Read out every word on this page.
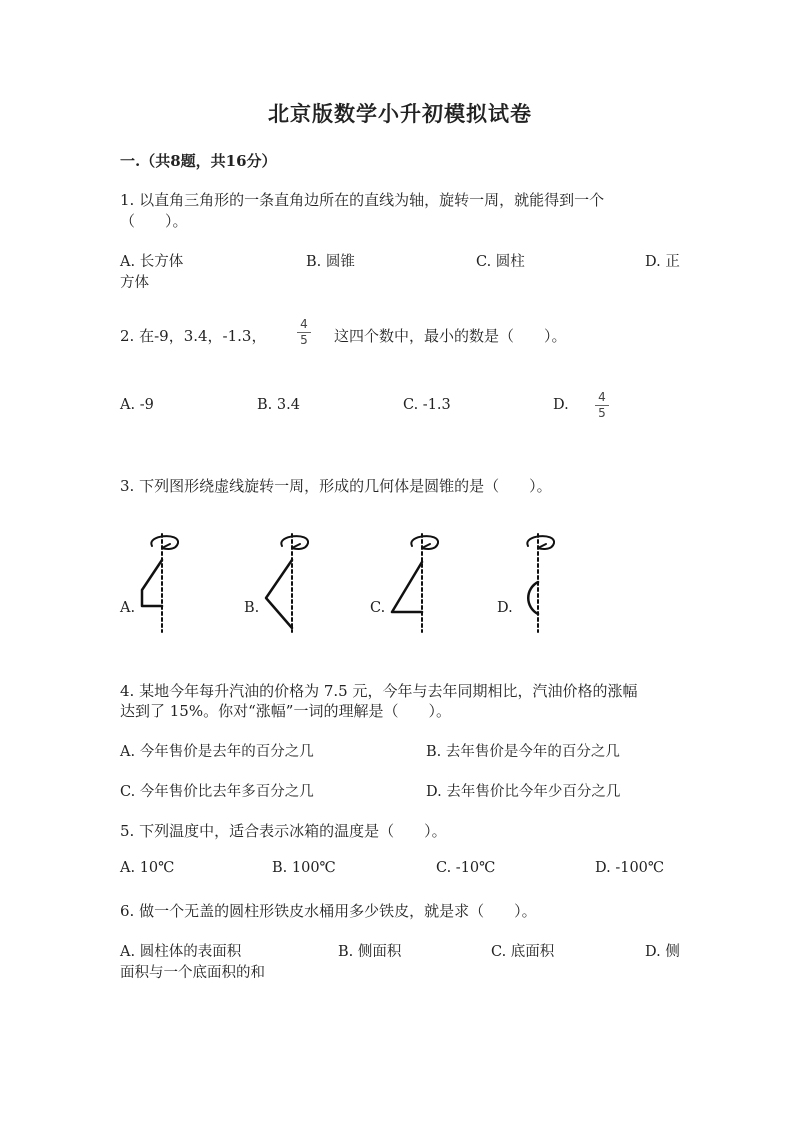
北京版数学小升初模拟试卷
一.（共8题，共16分）
1. 以直角三角形的一条直角边所在的直线为轴，旋转一周，就能得到一个
（　　）。
A. 长方体	B. 圆锥	C. 圆柱	D. 正
方体
2. 在-9，3.4，-1.3，
4
5 这四个数中，最小的数是（　　）。
A. -9	B. 3.4	C. -1.3	D. 4
5
3. 下列图形绕虚线旋转一周，形成的几何体是圆锥的是（　　）。
A.	B.	C.	D.
4. 某地今年每升汽油的价格为 7.5 元，今年与去年同期相比，汽油价格的涨幅
达到了 15%。你对“涨幅”一词的理解是（　　）。
A. 今年售价是去年的百分之几	B. 去年售价是今年的百分之几
C. 今年售价比去年多百分之几	D. 去年售价比今年少百分之几
5. 下列温度中，适合表示冰箱的温度是（　　）。
A. 10℃	B. 100℃	C. -10℃	D. -100℃
6. 做一个无盖的圆柱形铁皮水桶用多少铁皮，就是求（　　）。
A. 圆柱体的表面积	B. 侧面积	C. 底面积	D. 侧
面积与一个底面积的和
